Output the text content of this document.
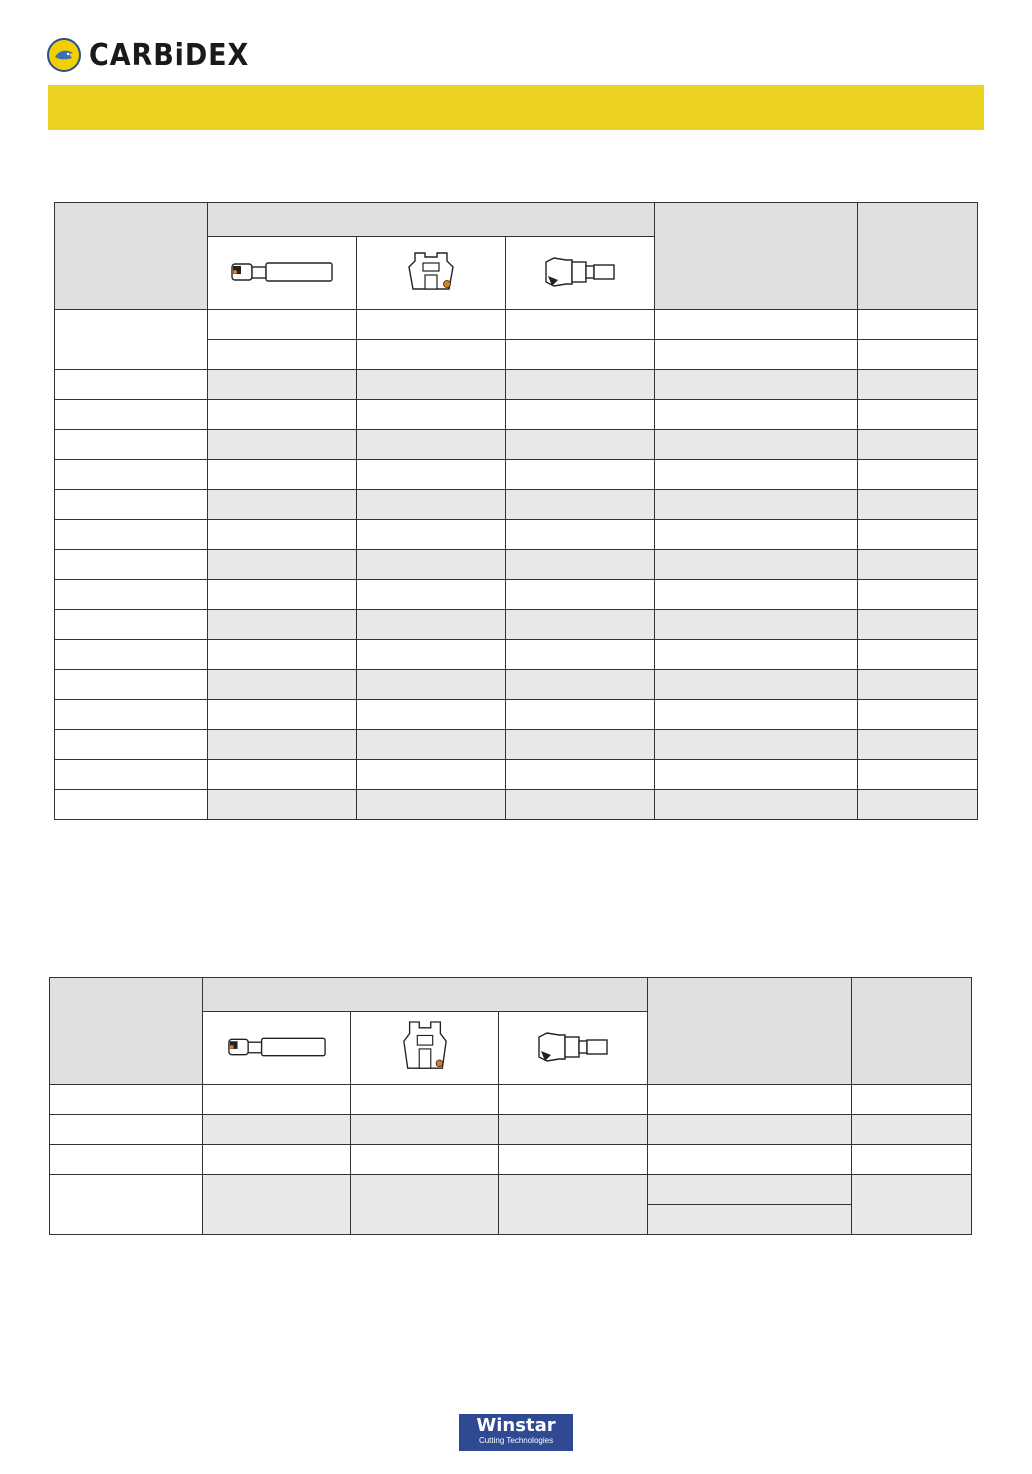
CARBiDEX

Winstar
Cutting Technologies
